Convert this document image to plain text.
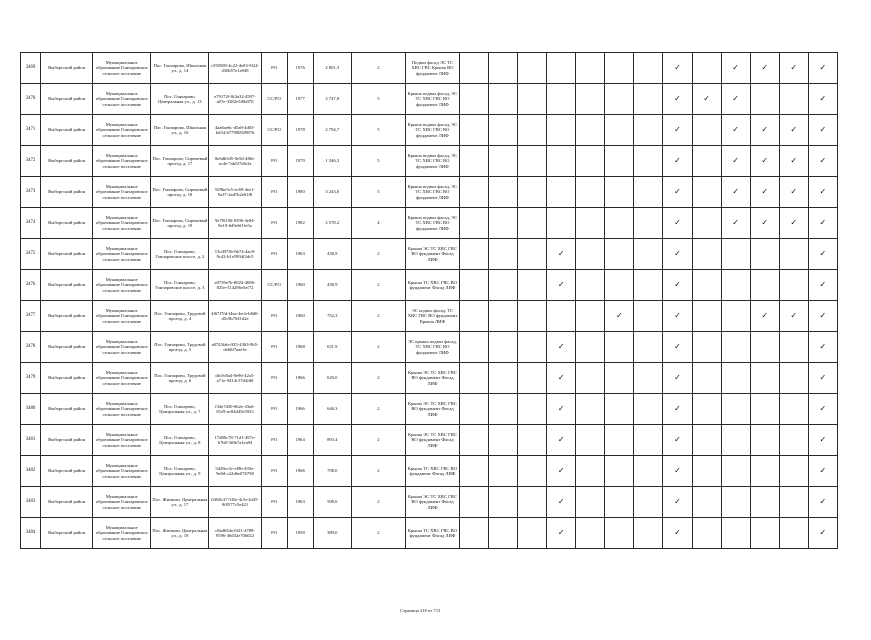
3469	Выборгский район	Муниципальное образование Гончаровское сельское поселение	Пос. Гончарово, Школьная ул., д. 14	c558508-4c22-4e03-9f24-430b57e1a948	РО	1976	2 801,3	2	Подвал фасад ЭС ТС ХВС ГВС Крыша ВО фундамент ЛИФ								✓		✓	✓	✓	✓
3470	Выборгский район	Муниципальное образование Гончаровское сельское поселение	Пос. Гончарово, Центральная ул., д. 13	e79172f-0f4a32-4597-a07e-3382e5f0b070	СС/РО	1977	2 747,8	5	Крыша подвал фасад, ЭС ТС ХВС ГВС ВО фундамент ЛИФ								✓	✓	✓			✓
3471	Выборгский район	Муниципальное образование Гончаровское сельское поселение	Пос. Гончарово, Школьная ул., д. 16	4aa6ae6c-d5a8-4d05-bd34-b7790092987b	СС/РО	1978	2 794,7	5	Крыша подвал фасад, ЭС ТС ХВС ГВС ВО фундамент ЛИФ								✓		✓	✓	✓	✓
3472	Выборгский район	Муниципальное образование Гончаровское сельское поселение	Пос. Гончарово, Сиреневый проезд, д. 17	8e6db5d5-0e5d-4f6b-ac4e-7ab5f7dfe2a	РО	1979	1 346,3	5	Крыша подвал фасад, ЭС ТС ХВС ГВС ВО фундамент ЛИФ								✓		✓	✓	✓	✓
3473	Выборгский район	Муниципальное образование Гончаровское сельское поселение	Пос. Гончарово, Сиреневый проезд, д. 18	929be5c5-ec69-4ee1-9a37-2ad7b2e61f8	РО	1980	3 243,0	5	Крыша подвал фасад, ЭС ТС ХВС ГВС ВО фундамент ЛИФ								✓		✓	✓	✓	✓
3474	Выборгский район	Муниципальное образование Гончаровское сельское поселение	Пос. Гончарово, Сиреневый проезд, д. 19	9e78f106-0396-4e04-8e19-6d9e6f1fe5a	РО	1982	2 578,2	4	Крыша подвал фасад, ЭС ТС ХВС ГВС ВО фундамент ЛИФ								✓		✓	✓	✓	✓
3475	Выборгский район	Муниципальное образование Гончаровское сельское поселение	Пос. Гончарово, Гончаровское шоссе, д. 2	13cd973b-6b74-4ac8-9c42-b1e5994f2dc5	РО	1963	438,9	2	Крыша ЭС ТС ХВС ГВС ВО фундамент Фасад ЛИФ				✓				✓					✓
3476	Выборгский район	Муниципальное образование Гончаровское сельское поселение	Пос. Гончарово, Гончаровское шоссе, д. 3	e0759e7b-8024-4696-825e-514296e5ef72	СС/РО	1960	438,9	2	Крыша ТС ХВС ГВС ВО фундамент Фасад ЛИФ				✓				✓					✓
3477	Выборгский район	Муниципальное образование Гончаровское сельское поселение	Пос. Гончарово, Трудовой проезд, д. 4	4f67f7fd-f4ea-4ecb-b8d0-d5c9b7041d2e	РО	1960	752,3	2	ЭС подвал фасад, ТС ХВС ГВС ВО фундамент Крыша ЛИФ						✓		✓			✓	✓	✓
3478	Выборгский район	Муниципальное образование Гончаровское сельское поселение	Пос. Гончарово, Трудовой проезд, д. 5	a0743fab-ff25-4363-9b5-deb0f7aae3e	РО	1968	631,9	2	ЭС крыша подвал фасад, ТС ХВС ГВС ВО фундамент ЛИФ				✓				✓					✓
3479	Выборгский район	Муниципальное образование Гончаровское сельское поселение	Пос. Гончарово, Трудовой проезд, д. 6	dfc0c8a4-0e96-42a5-a71e-9414c57d4fd8	РО	1966	629,0	2	Крыша ЭС ТС ХВС ГВС ВО фундамент Фасад ЛИФ				✓				✓					✓
3480	Выборгский район	Муниципальное образование Гончаровское сельское поселение	Пос. Гончарово, Центральная ул., д. 7	f34e7d30-662e-43a6-81e9-ac84d45e5933	РО	1966	646,3	2	Крыша ЭС ТС ХВС ГВС ВО фундамент Фасад ЛИФ				✓				✓					✓
3481	Выборгский район	Муниципальное образование Гончаровское сельское поселение	Пос. Гончарово, Центральная ул., д. 8	17d00c78-71d1-497e-b7b0-3f6b7a1ea94	РО	1964	893,4	2	Крыша ЭС ТС ХВС ГВС ВО фундамент Фасад ЛИФ				✓				✓					✓
3482	Выборгский район	Муниципальное образование Гончаровское сельское поселение	Пос. Гончарово, Центральная ул., д. 9	5d29ec3c-ef9b-493e-9e0d-c22d6e076798	РО	1966	798,0	2	Крыша ТС ХВС ГВС ВО фундамент Фасад ЛИФ				✓				✓					✓
3483	Выборгский район	Муниципальное образование Гончаровское сельское поселение	Пос. Житково, Центральная ул., д. 17	f2f60c37-3f5e-4c5e-b4f5-9f0577c5e421	РО	1963	598,6	2	Крыша ЭС ТС ХВС ГВС ВО фундамент Фасад ЛИФ				✓				✓					✓
3484	Выборгский район	Муниципальное образование Гончаровское сельское поселение	Пос. Житково, Центральная ул., д. 18	c8ad65da-6f21-4788-9596-36d32e70b022	РО	1958	389,0	2	Крыша ТС ХВС ГВС ВО фундамент Фасад ЛИФ				✓				✓					✓
Страница 218 из 713
